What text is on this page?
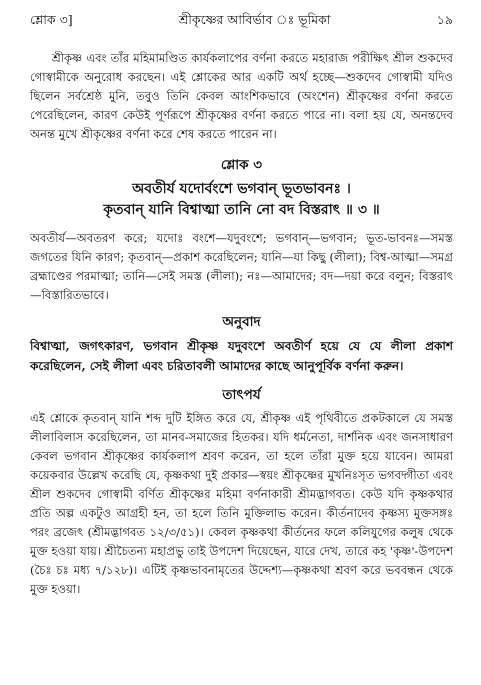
শ্লোক ৩]	শ্রীকৃষ্ণের আবির্ভাব ঃ ভূমিকা	১৯

শ্রীকৃষ্ণ এবং তাঁর মহিমামণ্ডিত কার্যকলাপের বর্ণনা করতে মহারাজ পরীক্ষিৎ শ্রীল শুকদেব গোস্বামীকে অনুরোধ করছেন। এই শ্লোকের আর একটি অর্থ হচ্ছে—শুকদেব গোস্বামী যদিও ছিলেন সর্বশ্রেষ্ঠ মুনি, তবুও তিনি কেবল আংশিকভাবে (অংশেন) শ্রীকৃষ্ণের বর্ণনা করতে পেরেছিলেন, কারণ কেউই পূর্ণরূপে শ্রীকৃষ্ণের বর্ণনা করতে পারে না। বলা হয় যে, অনন্তদেব অনন্ত মুখে শ্রীকৃষ্ণের বর্ণনা করে শেষ করতে পারেন না।

শ্লোক ৩

অবতীর্য যদোর্বংশে ভগবান্ ভূতভাবনঃ ।

কৃতবান্ যানি বিশ্বাত্মা তানি নো বদ বিস্তরাৎ ॥ ৩ ॥

অবতীর্য—অবতরণ করে; যদোঃ বংশে—যদুবংশে; ভগবান্—ভগবান; ভূত-ভাবনঃ—সমস্ত জগতের যিনি কারণ; কৃতবান্—প্রকাশ করেছিলেন; যানি—যা কিছু (লীলা); বিশ্ব-আত্মা—সমগ্র ব্রহ্মাণ্ডের পরমাত্মা; তানি—সেই সমস্ত (লীলা); নঃ—আমাদের; বদ—দয়া করে বলুন; বিস্তরাৎ—বিস্তারিতভাবে।

অনুবাদ

বিশ্বাত্মা, জগৎকারণ, ভগবান শ্রীকৃষ্ণ যদুবংশে অবতীর্ণ হয়ে যে যে লীলা প্রকাশ করেছিলেন, সেই লীলা এবং চরিতাবলী আমাদের কাছে আনুপূর্বিক বর্ণনা করুন।

তাৎপর্য

এই শ্লোকে কৃতবান্ যানি শব্দ দুটি ইঙ্গিত করে যে, শ্রীকৃষ্ণ এই পৃথিবীতে প্রকটকালে যে সমস্ত লীলাবিলাস করেছিলেন, তা মানব-সমাজের হিতকর। যদি ধর্মনেতা, দার্শনিক এবং জনসাধারণ কেবল ভগবান শ্রীকৃষ্ণের কার্যকলাপ শ্রবণ করেন, তা হলে তাঁরা মুক্ত হয়ে যাবেন। আমরা কয়েকবার উল্লেখ করেছি যে, কৃষ্ণকথা দুই প্রকার—স্বয়ং শ্রীকৃষ্ণের মুখনিঃসৃত ভগবদ্গীতা এবং শ্রীল শুকদেব গোস্বামী বর্ণিত শ্রীকৃষ্ণের মহিমা বর্ণনাকারী শ্রীমদ্ভাগবত। কেউ যদি কৃষ্ণকথার প্রতি অল্প একটুও আগ্রহী হন, তা হলে তিনি মুক্তিলাভ করেন। কীর্তনাদেব কৃষ্ণস্য মুক্তসঙ্গঃ পরং ব্রজেৎ (শ্রীমদ্ভাগবত ১২/৩/৫১)। কেবল কৃষ্ণকথা কীর্তনের ফলে কলিযুগের কলুষ থেকে মুক্ত হওয়া যায়। শ্রীচৈতন্য মহাপ্রভু তাই উপদেশ দিয়েছেন, যারে দেখ, তারে কহ 'কৃষ্ণ'-উপদেশ (চৈঃ চঃ মধ্য ৭/১২৮)। এটিই কৃষ্ণভাবনামৃতের উদ্দেশ্য—কৃষ্ণকথা শ্রবণ করে ভববন্ধন থেকে মুক্ত হওয়া।
